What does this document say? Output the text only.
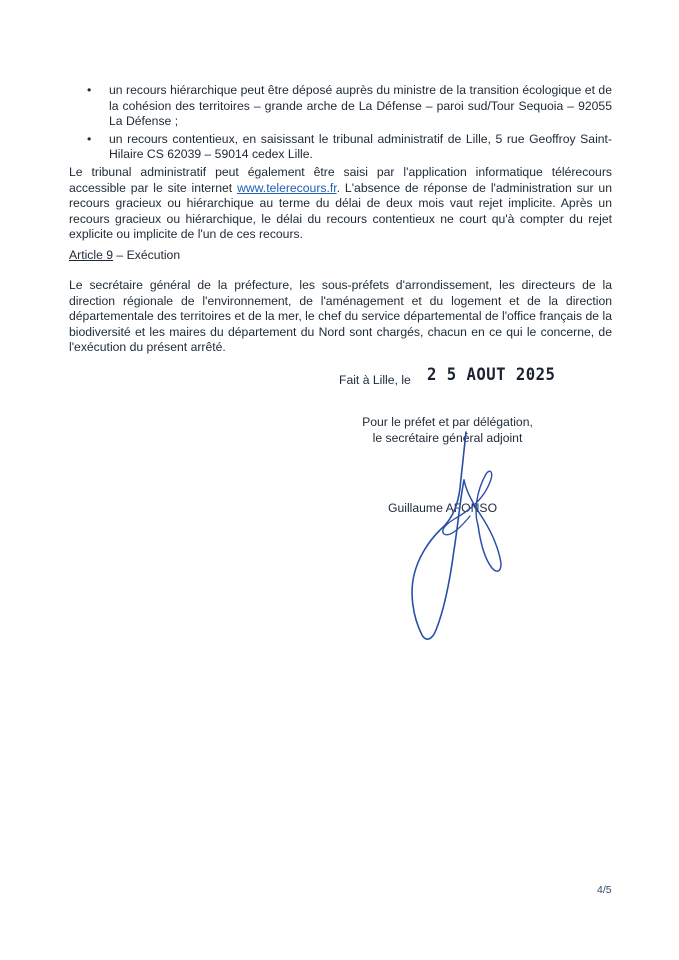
• un recours hiérarchique peut être déposé auprès du ministre de la transition écologique et de la cohésion des territoires – grande arche de La Défense – paroi sud/Tour Sequoia – 92055 La Défense ;
• un recours contentieux, en saisissant le tribunal administratif de Lille, 5 rue Geoffroy Saint-Hilaire CS 62039 – 59014 cedex Lille.

Le tribunal administratif peut également être saisi par l'application informatique télérecours accessible par le site internet www.telerecours.fr. L'absence de réponse de l'administration sur un recours gracieux ou hiérarchique au terme du délai de deux mois vaut rejet implicite. Après un recours gracieux ou hiérarchique, le délai du recours contentieux ne court qu'à compter du rejet explicite ou implicite de l'un de ces recours.

Article 9 – Exécution

Le secrétaire général de la préfecture, les sous-préfets d'arrondissement, les directeurs de la direction régionale de l'environnement, de l'aménagement et du logement et de la direction départementale des territoires et de la mer, le chef du service départemental de l'office français de la biodiversité et les maires du département du Nord sont chargés, chacun en ce qui le concerne, de l'exécution du présent arrêté.

Fait à Lille, le 2 5 AOUT 2025
Pour le préfet et par délégation,
le secrétaire général adjoint
Guillaume AFONSO
4/5
